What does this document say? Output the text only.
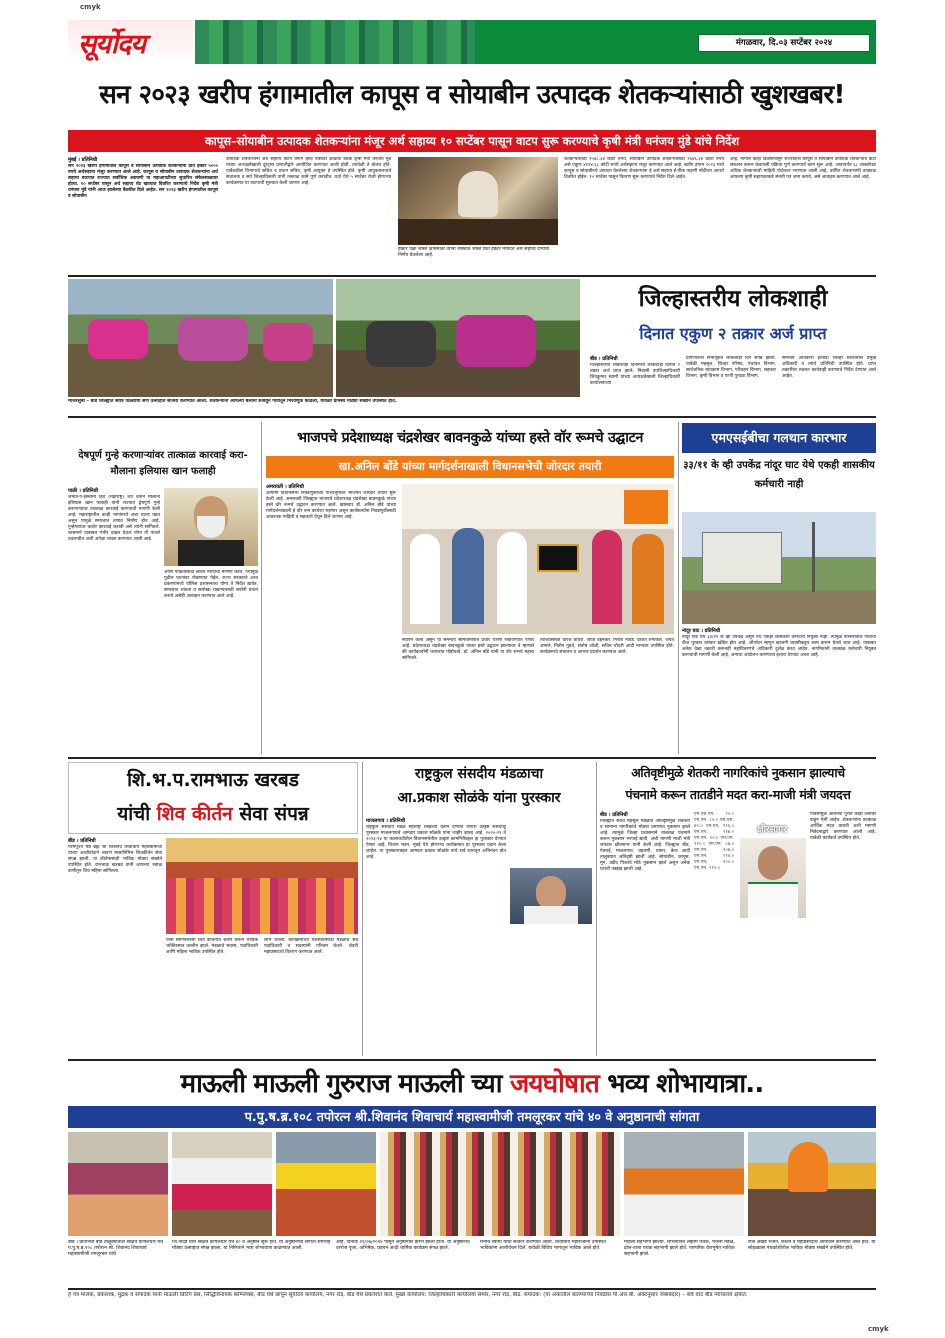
cmyk
cmyk
सूर्योदय	मंगळवार, दि.०३ सप्टेंबर २०२४
सन २०२३ खरीप हंगामातील कापूस व सोयाबीन उत्पादक शेतकऱ्यांसाठी खुशखबर!
कापूस–सोयाबीन उत्पादक शेतकऱ्यांना मंजूर अर्थ सहाय्य १० सप्टेंबर पासून वाटप सुरू करण्याचे कृषी मंत्री धनंजय मुंडे यांचे निर्देश
मुंबई । प्रतिनिधी
सन २०२३ खरीप हंगामातील कापूस व सोयाबीन उत्पादक शेतकऱ्यांना प्रति हेक्टर ५००० रुपये अर्थसहाय्य मंजूर करण्यात आले आहे. कापूस व सोयाबीन उत्पादक शेतकऱ्यांना अर्थ सहाय्य वाटपात राज्यात सर्वाधिक अडचणी या महाआयटीच्या सुधारित संकेतस्थळावर होत्या. १० सप्टेंबर पासून अर्थ सहाय्य थेट खात्यात वितरित करण्याचे निर्देश कृषी मंत्री धनंजय मुंडे यांनी आज झालेल्या बैठकीत दिले आहेत. सन २०२३ खरीप हंगामातील कापूस व सोयाबीन
उत्पादक शेतकऱ्यांना अर्थ सहाय्य वाटप वेगाने व्हावे यासाठी आढावा बैठक कृषी मंत्री धनंजय मुंडे यांच्या अध्यक्षतेखाली दूरदृष्य प्रणालीद्वारे आयोजित करण्यात आली होती. त्यावेळी ते बोलत होते. याबैठकीस विभागाचे सचिव व प्रधान सचिव, कृषी आयुक्त हे उपस्थित होते. कृषी आयुक्तालयाचे संचालक व सर्व जिल्हाधिकारी यांनी तत्काळ कामे पूर्ण करावीत. वर्धा येथे ५ सप्टेंबर रोजी होणाऱ्या कार्यक्रमात या वाटपाची सुरुवात केली जाणार आहे.
हेक्टर पेक्षा जास्त क्षेत्रासाठी त्यांना जास्तीत जास्त प्रति हेक्टर मर्यादेत अर्थ सहाय्य देण्याचे निर्णय घेतलेला आहे.
शेतकऱ्यांसाठी १५४८.३४ कोटी रुपये, सोयाबीन उत्पादक शेतकऱ्यांसाठी २६४६.३४ कोटी रुपये असे एकूण ४१९४.६८ कोटी रुपये अर्थसहाय्य मंजूर करण्यात आले आहे. खरीप हंगाम २०२३ मध्ये कापूस व सोयाबीनचे उत्पादन घेतलेल्या शेतकऱ्यांना हे अर्थ सहाय्य ई-पीक पाहणी नोंदीच्या आधारे वितरित होईल. १० सप्टेंबर पासून वितरण सुरू करण्याचे निर्देश दिले आहेत.
आहे. मागील काही दिवसांपासून राज्यातील कापूस व सोयाबीन उत्पादक शेतकऱ्यांचे डाटा संकलन करून केवायसी प्रक्रिया पूर्ण करण्याचे काम सुरू आहे. आतापर्यंत ६८ लाखांपेक्षा अधिक शेतकऱ्यांची माहिती पोर्टलवर भरण्यात आली आहे. उर्वरित शेतकऱ्यांनी तात्काळ आपल्या कृषी सहायकाकडे संमती पत्र जमा करावे, असे आवाहन करण्यात आले आहे.
मांजरसुंबा – बीड जिल्ह्यात सर्वत्र पोळ्याचा सण उत्साहात साजरा करण्यात आला. शेतकऱ्यांनी आपल्या बैलांना सजवून गावातून मिरवणूक काढली, यावेळी ग्रामस्थ मोठ्या संख्येने उपस्थित होते.
जिल्हास्तरीय लोकशाही
दिनात एकुण २ तक्रार अर्ज प्राप्त
बीड । प्रतिनिधी
जिल्हास्तरीय लोकशाही दिनामध्ये लोकशाही दिनात २ तक्रार अर्ज प्राप्त झाले. निवासी उपजिल्हाधिकारी शिवकुमार स्वामी यांच्या अध्यक्षतेखाली जिल्हाधिकारी कार्यालयाच्या
प्रागंणातील सभागृहात लोकशाही दिन संपन्न झाला. यावेळी महसूल, जिल्हा परिषद, पंचायत विभाग, सार्वजनिक बांधकाम विभाग, परिवहन विभाग, सहकार विभाग, कृषी विभाग व पाणी पुरवठा विभाग,
समन्वय अधिकारी इत्यादी जिल्हा स्तरावरील प्रमुख अधिकारी व त्यांचे प्रतिनिधी उपस्थित होते. प्राप्त तक्रारींवर लवकर कार्यवाही करण्याचे निर्देश देण्यात आले आहेत.
देषपूर्ण गुन्हे करणाऱ्यांवर तात्काळ कारवाई करा- मौलाना इलियास खान फलाही
पाळी । प्रतिनिधी
जमात-ए-इस्लामी हिंद (महाराष्ट्र) च्या वतीने मौलाना इलियास खान फलाही यांनी राज्यात द्वेषपूर्ण गुन्हे करणाऱ्यांवर तात्काळ कारवाई करण्याची मागणी केली आहे. महाराष्ट्रातील काही भागांमध्ये अशा घटना घडत असून यामुळे समाजात तणाव निर्माण होत आहे. गुन्हेगारांवर कठोर कारवाई करावी असे त्यांनी सांगितले. शासनाने याबाबत गंभीर दखल घेऊन योग्य ती पावले उचलावीत अशी अपेक्षा व्यक्त करण्यात आली आहे.
आणि पीडितांसाठी त्वरित न्यायाची मागणी करते, ज्यामुळे पुढील घटनांवर रोखण्यात येईल. राज्य सरकारने अशा प्रकरणांमध्ये पोलिस प्रशासनाला योग्य ते निर्देश द्यावेत. समाजात शांतता व सलोखा राखण्यासाठी सर्वांनी प्रयत्न करावे असेही आवाहन करण्यात आले आहे.
भाजपचे प्रदेशाध्यक्ष चंद्रशेखर बावनकुळे यांच्या हस्ते वॉर रूमचे उद्घाटन
खा.अनिल बोंडे यांच्या मार्गदर्शनाखाली विधानसभेची जोरदार तयारी
अमरावती । प्रतिनिधी
आगामी विधानसभा निवडणुकीच्या पार्श्वभूमीवर भाजपने जोरदार तयारी सुरू केली आहे. अमरावती जिल्ह्यात भाजपचे प्रदेशाध्यक्ष चंद्रशेखर बावनकुळे यांच्या हस्ते वॉर रूमचे उद्घाटन करण्यात आले. खासदार डॉ. अनिल बोंडे यांच्या मार्गदर्शनाखाली हे वॉर रूम कार्यरत राहणार असून कार्यकर्त्यांना निवडणुकीसाठी आवश्यक माहिती व सहकार्य येथून दिले जाणार आहे.
स्थापन केली असून या समन्वय समितीमार्फत प्रचार यंत्रणा राबविण्यात येणार आहे. प्रदेशाध्यक्ष चंद्रशेखर बावनकुळे यांच्या हस्ते उद्घाटन झाल्यावर ते म्हणाले की कार्यकर्त्यांनी घराघरात पोहोचावे. डॉ. अनिल बोंडे यांनी या वॉर रूमचे महत्त्व सांगितले.
त्यांच्यासोबत धीरज चौधरी, जयंत डेहनकर, गिरीश नावडे, प्रशांत शेगोकार, जयंत आमले, नितीन गुडधे, संतोष जोशी, सचिन चौधरी आदी मान्यवर उपस्थित होते. कार्यक्रमाचे संचालन व आभार प्रदर्शन करण्यात आले.
एमएसईबीचा गलथान कारभार
३३/११ के व्ही उपकेंद्र नांदूर घाट येथे एकही शासकीय कर्मचारी नाही
नांदूर घाट । प्रतिनिधी
नांदूर घाट येथे ३३/११ के व्ही उपकेंद्र असून तेथे एकही शासकीय कर्मचारी नियुक्त नाही. त्यामुळे परिसरातील गावांचा वीज पुरवठा वारंवार खंडित होत आहे. ऑपरेटर म्हणून खाजगी व्यक्तीकडून काम करून घेतले जात आहे. याबाबत अनेक वेळा तक्रारी करूनही महावितरणचे अधिकारी दुर्लक्ष करत आहेत. नागरिकांनी तात्काळ कर्मचारी नियुक्त करण्याची मागणी केली आहे, अन्यथा आंदोलन करण्याचा इशारा देण्यात आला आहे.
शि.भ.प.रामभाऊ खरबड
यांची शिव कीर्तन सेवा संपन्न
बीड । प्रतिनिधी
परमपूज्य षष्ठ ब्रह्म श्री शिवानंद शिवाचार्य महास्वामीजी यांच्या आशीर्वादाने श्रावण मासानिमित्त शिवकीर्तन सेवा संपन्न झाली. या कीर्तनासाठी भाविक मोठ्या संख्येने उपस्थित होते. रामभाऊ खरबड यांनी आपल्या रसाळ वाणीतून शिव महिमा सांगितला.
यांनी सांगितलेल्या शिव कीर्तनाचे श्रवण करून भाविक भक्तिरसात तल्लीन झाले. मंडळाचे सदस्य, पदाधिकारी आणि महिला भाविक उपस्थित होते.
लाभ घेतला. कार्यक्रमाच्या यशस्वीतेसाठी मंडळाचे सर्व पदाधिकारी व सदस्यांनी परिश्रम घेतले. शेवटी महाप्रसादाचे वितरण करण्यात आले.
राष्ट्रकुल संसदीय मंडळाचा
आ.प्रकाश सोळंके यांना पुरस्कार
माजलगाव । प्रतिनिधी
राष्ट्रकुल संसदीय मंडळ महाराष्ट्र शाखेच्या वतीने देण्यात येणारा उत्कृष्ट संसदपटू पुरस्कार माजलगावचे आमदार प्रकाश सोळंके यांना जाहीर झाला आहे. २०२०-२१ ते २०२३-२४ या कालावधीतील विधानसभेतील उत्कृष्ट कामगिरीबद्दल हा पुरस्कार देण्यात येणार आहे. विधान भवन, मुंबई येथे होणाऱ्या कार्यक्रमात हा पुरस्कार प्रदान केला जाईल. या पुरस्काराबद्दल आमदार प्रकाश सोळंके यांचे सर्व स्तरातून अभिनंदन होत आहे.
अतिवृष्टीमुळे शेतकरी नागरिकांचे नुकसान झाल्याचे
पंचनामे करून तातडीने मदत करा-माजी मंत्री जयदत्त
बीड । प्रतिनिधी
जिल्ह्यात सर्वच महसूल मंडळात अतिवृष्टीमुळे शेतकरी व सामान्य नागरिकांचे मोठ्या प्रमाणात नुकसान झाले आहे. त्यामुळे जिल्हा प्रशासनाने तात्काळ पंचनामे करून नुकसान भरपाई द्यावी, अशी मागणी माजी मंत्री जयदत्त क्षीरसागर यांनी केली आहे. जिल्ह्यात बीड, गेवराई, माजलगाव, वडवणी, धारूर, केज आदी तालुक्यात अतिवृष्टी झाली आहे. सोयाबीन, कापूस, मूग, उडीद पिकांचे मोठे नुकसान झाले असून अनेक घरांची पडझड झाली आहे.
एम.एस.एम. ९०.० एम.एम. ८५.० एस.एस. ७९.० एम.एम. ११६.० एम.एम. ११७.० एम.एम. ९०.० एम.एम. ११०.० एम.एम. ८७.० एम.एम. १०७.० एम.एम. ११४.० एम.एम. १००.० एम.एम. ११९.०
क्षीरसागर
पावसामुळे आलेल्या पुरात काही जनावरे वाहून गेली आहेत. शेतकऱ्यांना तात्काळ आर्थिक मदत करावी अशी मागणी निवेदनाद्वारे करण्यात आली आहे. यावेळी कार्यकर्ते उपस्थित होते.
माऊली माऊली गुरुराज माऊली च्या जयघोषात भव्य शोभायात्रा..
प.पु.ष.ब्र.१०८ तपोरत्न श्री.शिवानंद शिवाचार्य महास्वामीजी तमलूरकर यांचे ४० वे अनुष्ठानाची सांगता
बीड । प्रतिनिधी बीड तालुक्यातील श्रीक्षेत्र कपिलधार येथे प.पु.ष.ब्र.१०८ तपोरत्न श्री. शिवानंद शिवाचार्य महास्वामीजी तमलूरकर यांचे
जि.नांदेड यांचे श्रीक्षेत्र कपिलधार येथे ४० वे अनुष्ठान सुरू होते. या अनुष्ठानाचा सांगता समारोह मोठ्या उत्साहात संपन्न झाला. या निमित्ताने भव्य शोभायात्रा काढण्यात आली.
आहे. दिनांक २१/०७/२०२४ पासून अनुष्ठानास प्रारंभ झाला होता. या अनुष्ठानात दररोज पूजा, अभिषेक, प्रवचन आदी धार्मिक कार्यक्रम संपन्न झाले.
मन्मथ स्वामी यांचा सत्कार करण्यात आला. शिवाचार्य महाराजांनी उपस्थित भाविकांना आशीर्वचन दिले. यावेळी विविध भागातून भाविक आले होते.
महिला सहभागी झाल्या. शोभायात्रेत लेझीम पथक, भजनी मंडळ, ढोल-ताशा पथक सहभागी झाले होते. पारंपरिक वेशभूषेत भाविक सहभागी झाले.
रात्री अखंड भजन, कीर्तन व महाप्रसादाचे आयोजन करण्यात आले होते. या सोहळ्यास पंचक्रोशीतील भाविक मोठ्या संख्येने उपस्थित होते.
हे पत्र मालक, प्रकाशक, मुद्रक व संपादक यांनी माऊली प्रिंटिंग प्रेस, सिद्धिविनायक कॉम्प्लेक्स, बीड येथे छापून सूर्योदय कार्यालय, नगर रोड, बीड येथे प्रकाशित केले. मुख्य कार्यालय: जिल्हाधिकारी कार्यालया समोर, नगर रोड, बीड. संपादक: (या अंकातील बातम्यांच्या निवडीस पी.आर.बी. ॲक्टनुसार जबाबदार) – सर्व वाद बीड न्यायालय क्षेत्रात.
